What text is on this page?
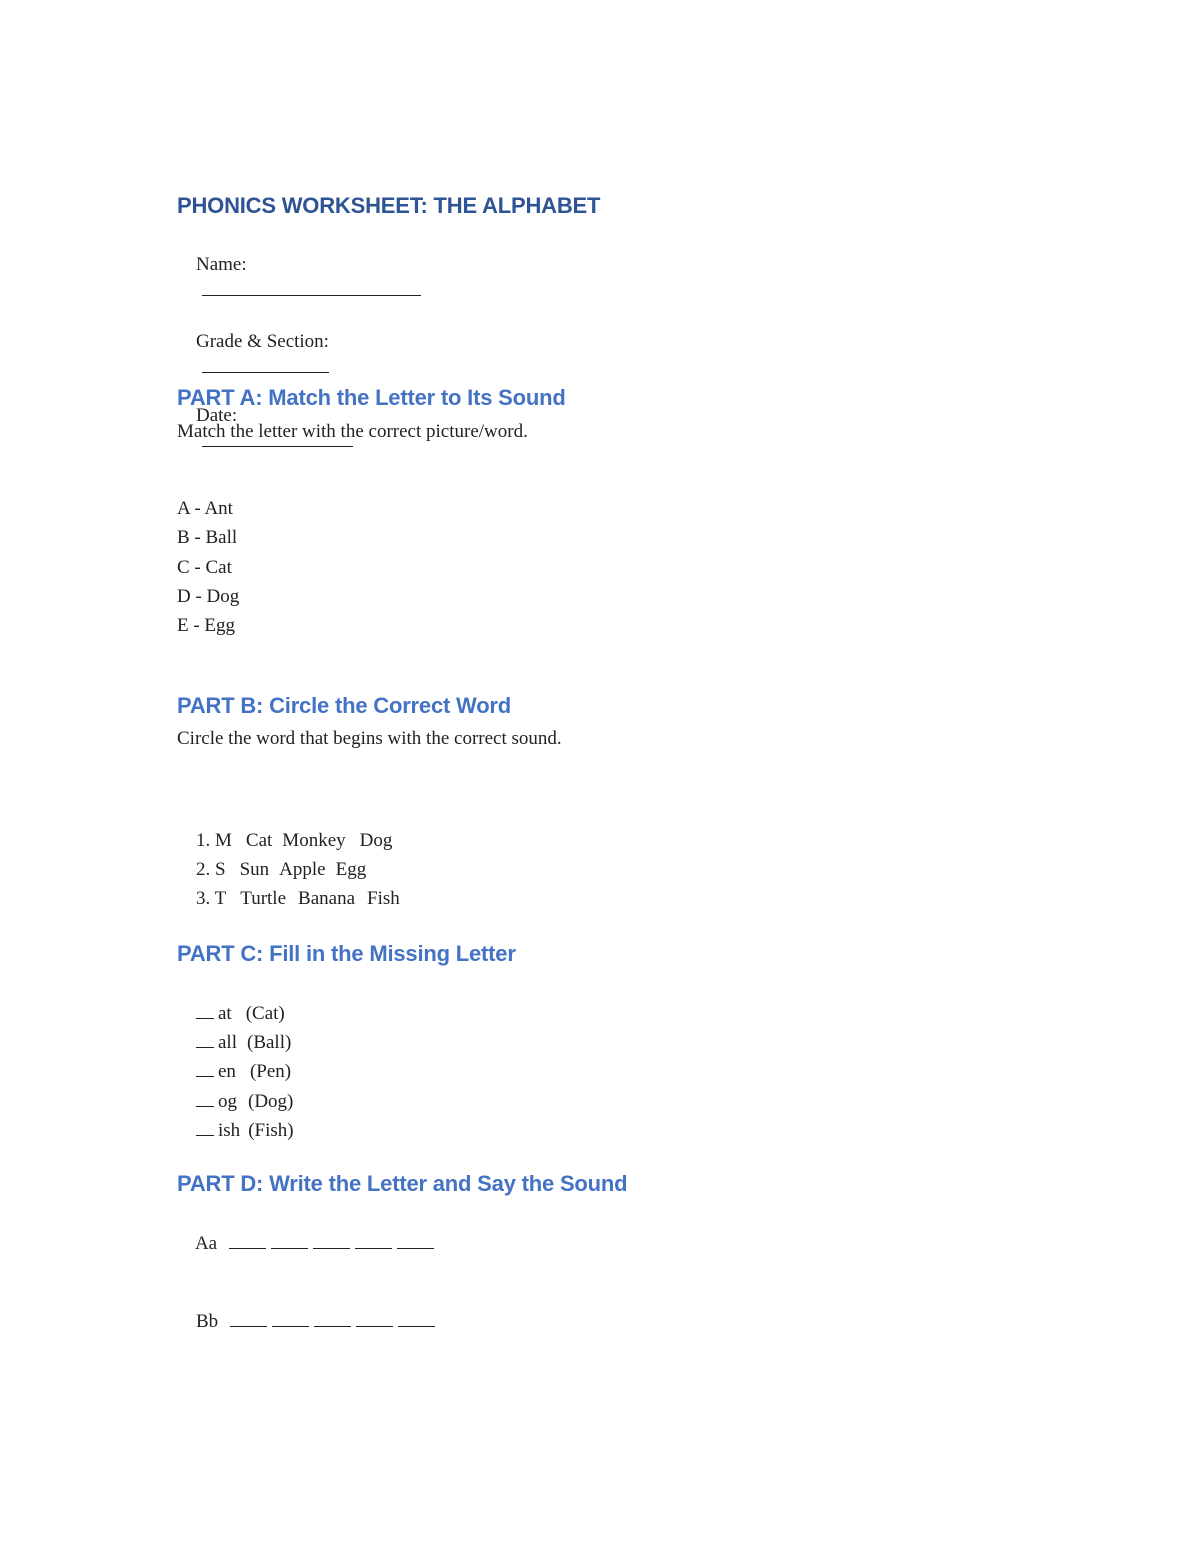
PHONICS WORKSHEET: THE ALPHABET

Name:

Grade & Section:

Date:

PART A: Match the Letter to Its Sound
Match the letter with the correct picture/word.
A - Ant
B - Ball
C - Cat
D - Dog
E - Egg
PART B: Circle the Correct Word
Circle the word that begins with the correct sound.

1. M Cat Monkey Dog

2. S Sun Apple Egg

3. T Turtle Banana Fish

PART C: Fill in the Missing Letter

at (Cat)

all (Ball)

en (Pen)

og (Dog)

ish (Fish)

PART D: Write the Letter and Say the Sound

Aa

Bb
